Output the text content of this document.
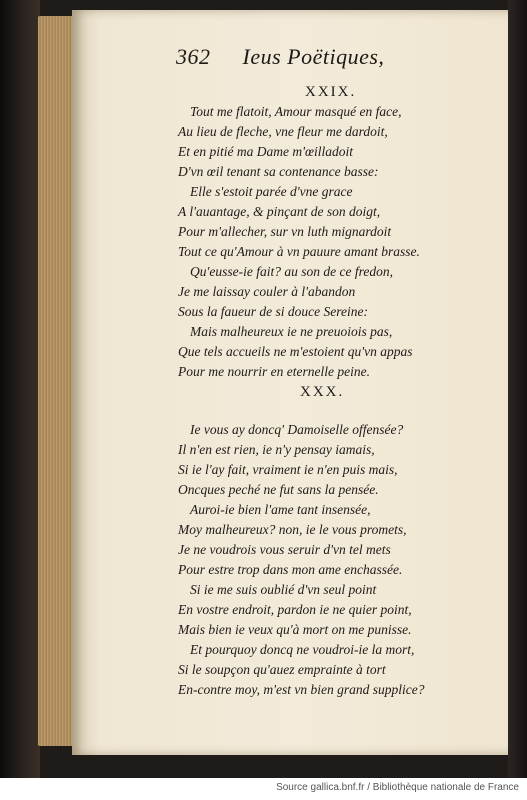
362 Ieus Poëtiques,
XXIX.
Tout me flatoit, Amour masqué en face,
Au lieu de fleche, vne fleur me dardoit,
Et en pitié ma Dame m'œilladoit
D'vn œil tenant sa contenance basse:
Elle s'estoit parée d'vne grace
A l'auantage, & pinçant de son doigt,
Pour m'allecher, sur vn luth mignardoit
Tout ce qu'Amour à vn pauure amant brasse.
Qu'eusse-ie fait? au son de ce fredon,
Je me laissay couler à l'abandon
Sous la faueur de si douce Sereine:
Mais malheureux ie ne preuoiois pas,
Que tels accueils ne m'estoient qu'vn appas
Pour me nourrir en eternelle peine.
XXX.
Ie vous ay doncq' Damoiselle offensée?
Il n'en est rien, ie n'y pensay iamais,
Si ie l'ay fait, vraiment ie n'en puis mais,
Oncques peché ne fut sans la pensée.
Auroi-ie bien l'ame tant insensée,
Moy malheureux? non, ie le vous promets,
Je ne voudrois vous seruir d'vn tel mets
Pour estre trop dans mon ame enchassée.
Si ie me suis oublié d'vn seul point
En vostre endroit, pardon ie ne quier point,
Mais bien ie veux qu'à mort on me punisse.
Et pourquoy doncq ne voudroi-ie la mort,
Si le soupçon qu'auez emprainte à tort
En-contre moy, m'est vn bien grand supplice?
Source gallica.bnf.fr / Bibliothèque nationale de France
